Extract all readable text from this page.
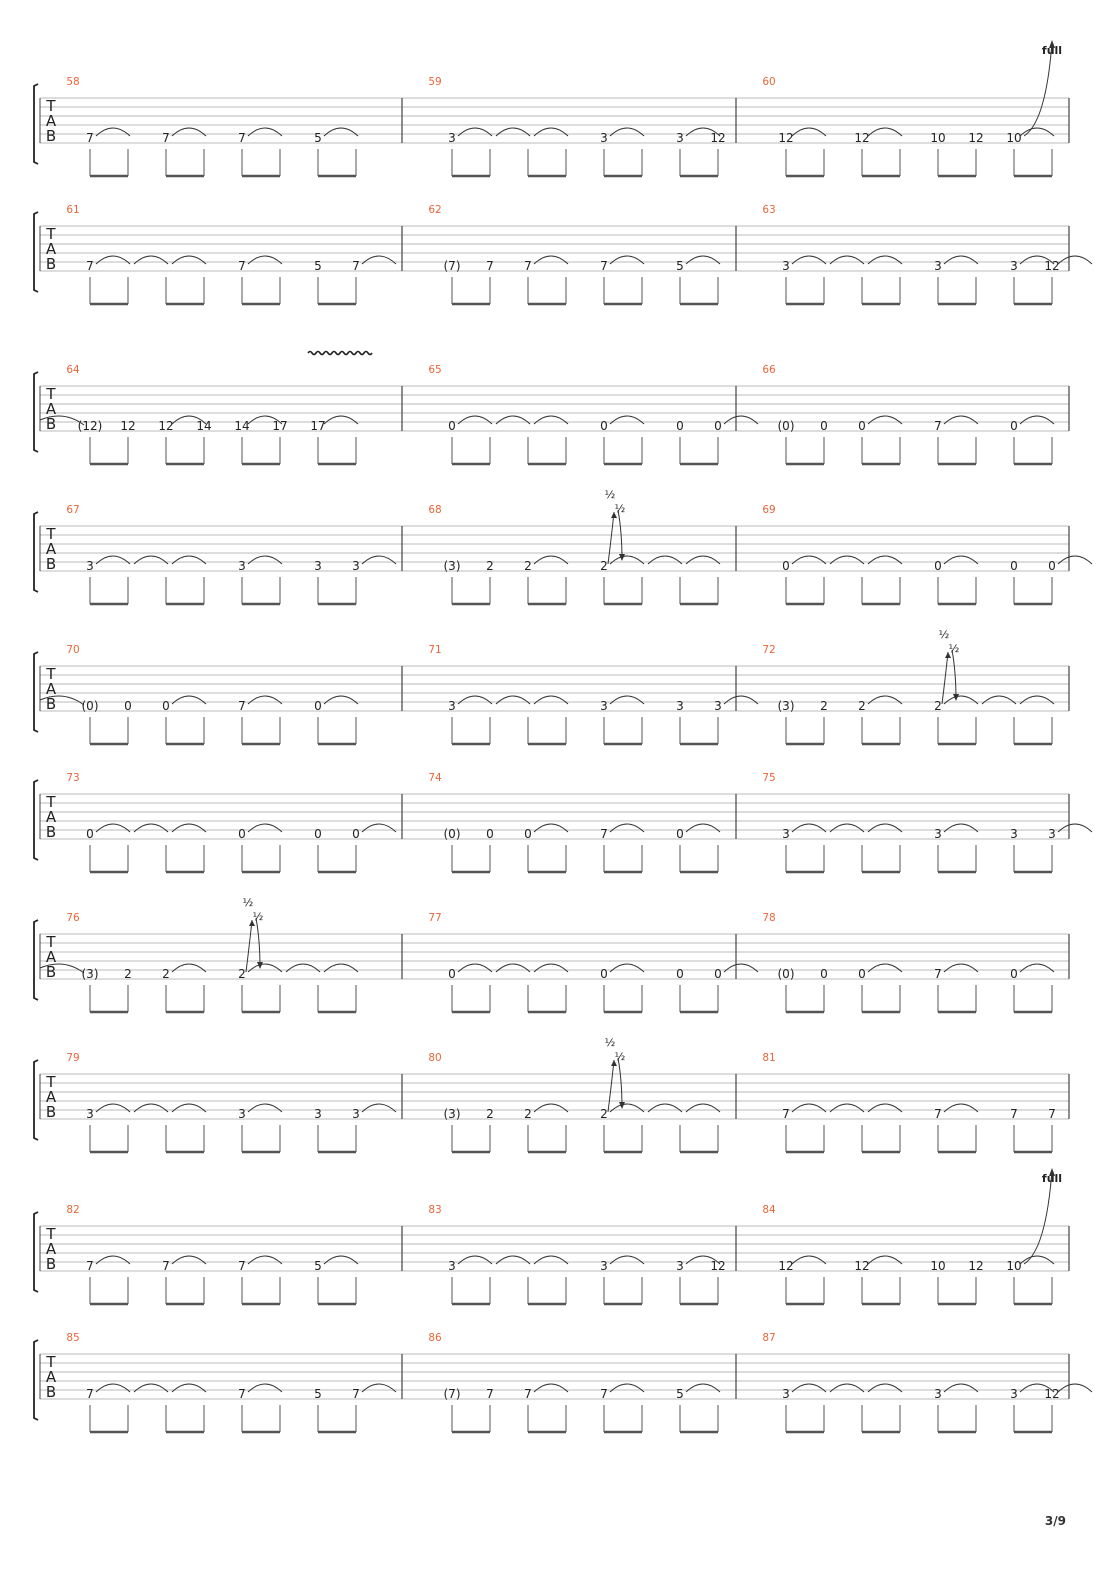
T
A
B
58
7	7	7	5
59
3	3	3 12
60
12	12	10 12 10
full
T
A
B
61
7	7	5	7
62
(7) 7	7	7	5
63
3	3	3 12
T
A
B
64
(12) 12 12 14 14 17 17
65
0	0	0	0
66
(0) 0	0	7	0
T
A
B
67
3	3	3	3
68
(3) 2	2	2
69
0	0	0	0
½
½
T
A
B
70
(0) 0	0	7	0
71
3	3	3	3
72
(3) 2	2	2
½
½
T
A
B
73
0	0	0	0
74
(0) 0	0	7	0
75
3	3	3	3
T
A
B
76
(3) 2	2	2
77
0	0	0	0
78
(0) 0	0	7	0
½
½
T
A
B
79
3	3	3	3
80
(3) 2	2	2
81
7	7	7	7
½
½
T
A
B
82
7	7	7	5
83
3	3	3 12
84
12	12	10 12 10
full
T
A
B
85
7	7	5	7
86
(7) 7	7	7	5
87
3	3	3 12
3/9
